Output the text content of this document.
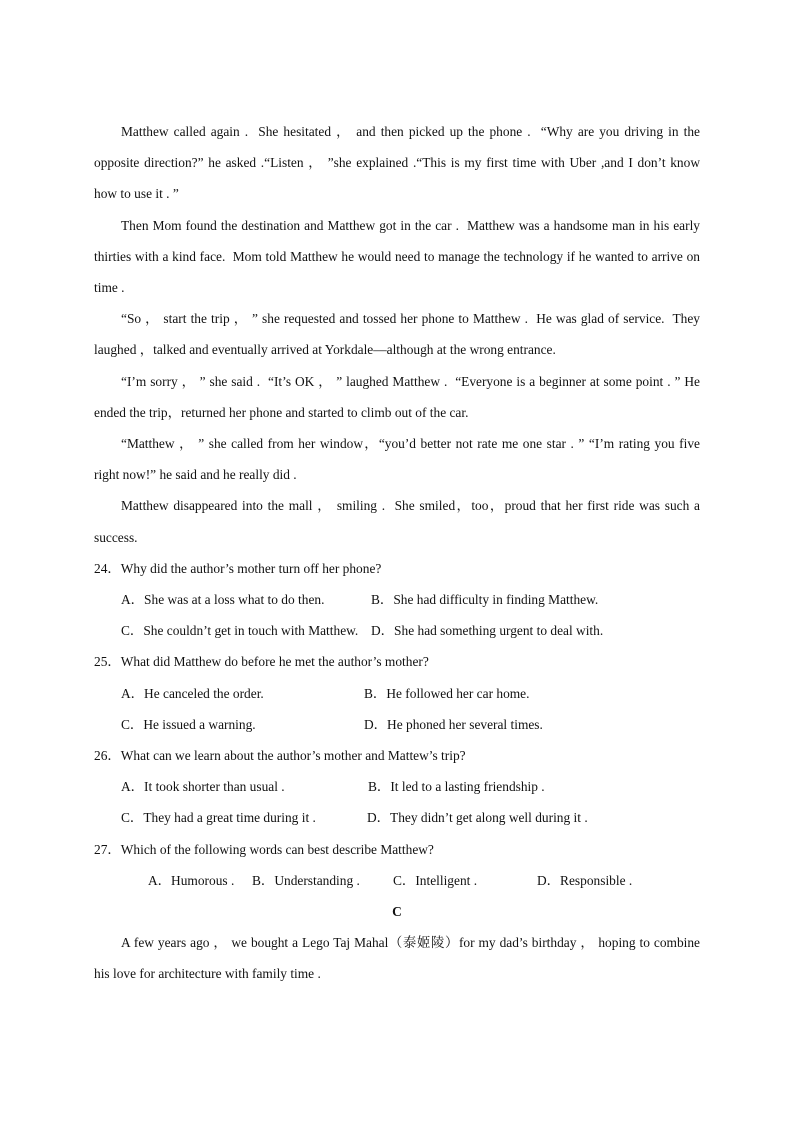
Matthew called again .  She hesitated ， and then picked up the phone .  “Why are you driving in the opposite direction?” he asked .“Listen ， ”she explained .“This is my first time with Uber ,and I don’t know how to use it . ”

Then Mom found the destination and Matthew got in the car .  Matthew was a handsome man in his early thirties with a kind face.  Mom told Matthew he would need to manage the technology if he wanted to arrive on time .

“So ， start the trip ， ” she requested and tossed her phone to Matthew .  He was glad of service.  They laughed ，talked and eventually arrived at Yorkdale—although at the wrong entrance.

“I’m sorry ， ” she said .  “It’s OK ， ” laughed Matthew .  “Everyone is a beginner at some point . ” He ended the trip，returned her phone and started to climb out of the car.

“Matthew ， ” she called from her window，“you’d better not rate me one star . ” “I’m rating you five right now!” he said and he really did .

Matthew disappeared into the mall ， smiling .  She smiled，too，proud that her first ride was such a success.

24．Why did the author’s mother turn off her phone?

A．She was at a loss what to do then.	B．She had difficulty in finding Matthew.
C．She couldn’t get in touch with Matthew. D．She had something urgent to deal with.

25．What did Matthew do before he met the author’s mother?

A．He canceled the order.	B．He followed her car home.
C．He issued a warning.	D．He phoned her several times.

26．What can we learn about the author’s mother and Mattew’s trip?

A．It took shorter than usual .	B．It led to a lasting friendship .
C．They had a great time during it .	D．They didn’t get along well during it .

27．Which of the following words can best describe Matthew?

A．Humorous .	B．Understanding .	C．Intelligent .	D．Responsible .

C

A few years ago ， we bought a Lego Taj Mahal（泰姬陵）for my dad’s birthday ， hoping to combine his love for architecture with family time .
